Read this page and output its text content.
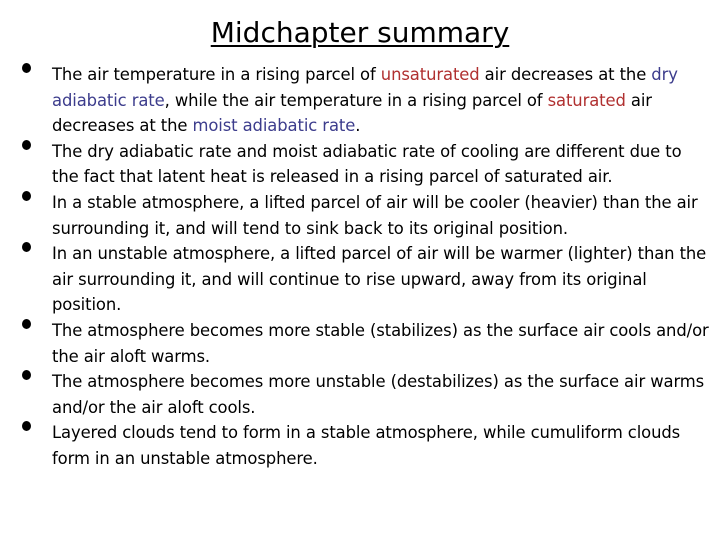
Midchapter summary
The air temperature in a rising parcel of unsaturated air decreases at the dry adiabatic rate, while the air temperature in a rising parcel of saturated air decreases at the moist adiabatic rate.
The dry adiabatic rate and moist adiabatic rate of cooling are different due to the fact that latent heat is released in a rising parcel of saturated air.
In a stable atmosphere, a lifted parcel of air will be cooler (heavier) than the air surrounding it, and will tend to sink back to its original position.
In an unstable atmosphere, a lifted parcel of air will be warmer (lighter) than the air surrounding it, and will continue to rise upward, away from its original position.
The atmosphere becomes more stable (stabilizes) as the surface air cools and/or the air aloft warms.
The atmosphere becomes more unstable (destabilizes) as the surface air warms and/or the air aloft cools.
Layered clouds tend to form in a stable atmosphere, while cumuliform clouds form in an unstable atmosphere.
